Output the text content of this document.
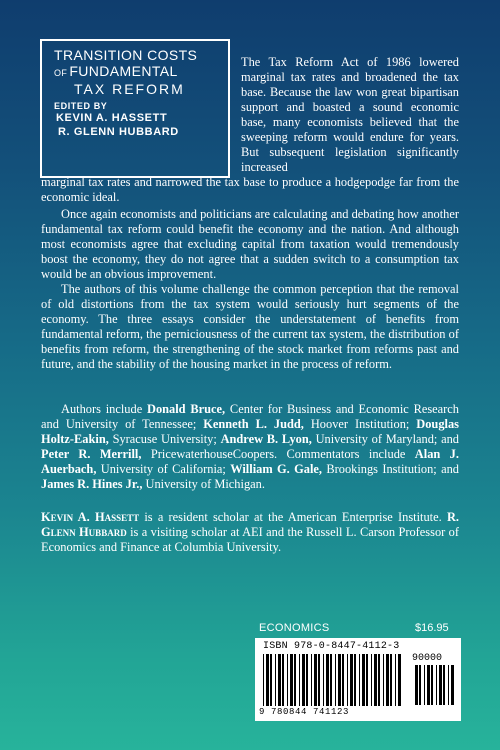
TRANSITION COSTS
OF FUNDAMENTAL
TAX REFORM
EDITED BY
KEVIN A. HASSETT
R. GLENN HUBBARD

The Tax Reform Act of 1986 lowered marginal tax rates and broadened the tax base. Because the law won great bipartisan support and boasted a sound economic base, many economists believed that the sweeping reform would endure for years. But subsequent legislation significantly increased

marginal tax rates and narrowed the tax base to produce a hodgepodge far from the economic ideal.

Once again economists and politicians are calculating and debating how another fundamental tax reform could benefit the economy and the nation. And although most economists agree that excluding capital from taxation would tremendously boost the economy, they do not agree that a sudden switch to a consumption tax would be an obvious improvement.

The authors of this volume challenge the common perception that the removal of old distortions from the tax system would seriously hurt segments of the economy. The three essays consider the understatement of benefits from fundamental reform, the perniciousness of the current tax system, the distribution of benefits from reform, the strengthening of the stock market from reforms past and future, and the stability of the housing market in the process of reform.

Authors include Donald Bruce, Center for Business and Economic Research and University of Tennessee; Kenneth L. Judd, Hoover Institution; Douglas Holtz-Eakin, Syracuse University; Andrew B. Lyon, University of Maryland; and Peter R. Merrill, PricewaterhouseCoopers. Commentators include Alan J. Auerbach, University of California; William G. Gale, Brookings Institution; and James R. Hines Jr., University of Michigan.

Kevin A. Hassett is a resident scholar at the American Enterprise Institute. R. Glenn Hubbard is a visiting scholar at AEI and the Russell L. Carson Professor of Economics and Finance at Columbia University.

ECONOMICS	$16.95
ISBN 978-0-8447-4112-3
90000
9 780844 741123
